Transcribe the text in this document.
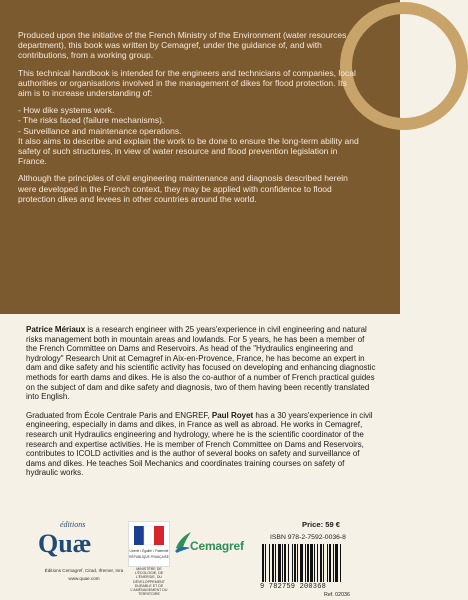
Produced upon the initiative of the French Ministry of the Environment (water resources department), this book was written by Cemagref, under the guidance of, and with contributions, from a working group.

This technical handbook is intended for the engineers and technicians of companies, local authorities or organisations involved in the management of dikes for flood protection. Its aim is to increase understanding of:

- How dike systems work.
- The risks faced (failure mechanisms).
- Surveillance and maintenance operations.

It also aims to describe and explain the work to be done to ensure the long-term ability and safety of such structures, in view of water resource and flood prevention legislation in France.

Although the principles of civil engineering maintenance and diagnosis described herein were developed in the French context, they may be applied with confidence to flood protection dikes and levees in other countries around the world.

Patrice Mériaux is a research engineer with 25 years'experience in civil engineering and natural risks management both in mountain areas and lowlands. For 5 years, he has been a member of the French Committee on Dams and Reservoirs. As head of the "Hydraulics engineering and hydrology" Research Unit at Cemagref in Aix-en-Provence, France, he has become an expert in dam and dike safety and his scientific activity has focused on developing and enhancing diagnostic methods for earth dams and dikes. He is also the co-author of a number of French practical guides on the subject of dam and dike safety and diagnosis, two of them having been recently translated into English.

Graduated from École Centrale Paris and ENGREF, Paul Royet has a 30 years'experience in civil engineering, especially in dams and dikes, in France as well as abroad. He works in Cemagref, research unit Hydraulics engineering and hydrology, where he is the scientific coordinator of the research and expertise activities. He is member of French Committee on Dams and Reservoirs, contributes to ICOLD activities and is the author of several books on safety and surveillance of dams and dikes. He teaches Soil Mechanics and coordinates training courses on safety of hydraulic works.

éditions
Quæ
Éditions Cemagref, Cirad, Ifremer, Inra
www.quae.com
Liberté • Égalité • Fraternité
RÉPUBLIQUE FRANÇAISE
MINISTÈRE DE L'ÉCOLOGIE, DE L'ÉNERGIE, DU DÉVELOPPEMENT DURABLE ET DE L'AMÉNAGEMENT DU TERRITOIRE
Cemagref
Price: 59 €
ISBN 978-2-7592-0036-8
9 782759 200368
Ref. 02036
